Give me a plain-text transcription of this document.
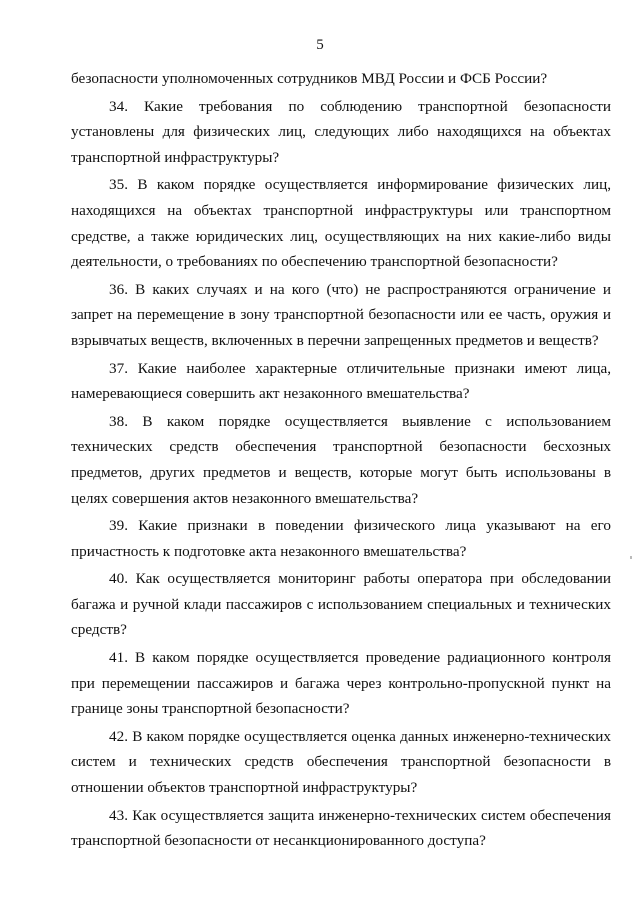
5

безопасности уполномоченных сотрудников МВД России и ФСБ России?

34. Какие требования по соблюдению транспортной безопасности установлены для физических лиц, следующих либо находящихся на объектах транспортной инфраструктуры?

35. В каком порядке осуществляется информирование физических лиц, находящихся на объектах транспортной инфраструктуры или транспортном средстве, а также юридических лиц, осуществляющих на них какие-либо виды деятельности, о требованиях по обеспечению транспортной безопасности?

36. В каких случаях и на кого (что) не распространяются ограничение и запрет на перемещение в зону транспортной безопасности или ее часть, оружия и взрывчатых веществ, включенных в перечни запрещенных предметов и веществ?

37. Какие наиболее характерные отличительные признаки имеют лица, намеревающиеся совершить акт незаконного вмешательства?

38. В каком порядке осуществляется выявление с использованием технических средств обеспечения транспортной безопасности бесхозных предметов, других предметов и веществ, которые могут быть использованы в целях совершения актов незаконного вмешательства?

39. Какие признаки в поведении физического лица указывают на его причастность к подготовке акта незаконного вмешательства?

40. Как осуществляется мониторинг работы оператора при обследовании багажа и ручной клади пассажиров с использованием специальных и технических средств?

41. В каком порядке осуществляется проведение радиационного контроля при перемещении пассажиров и багажа через контрольно-пропускной пункт на границе зоны транспортной безопасности?

42. В каком порядке осуществляется оценка данных инженерно-технических систем и технических средств обеспечения транспортной безопасности в отношении объектов транспортной инфраструктуры?

43. Как осуществляется защита инженерно-технических систем обеспечения транспортной безопасности от несанкционированного доступа?
